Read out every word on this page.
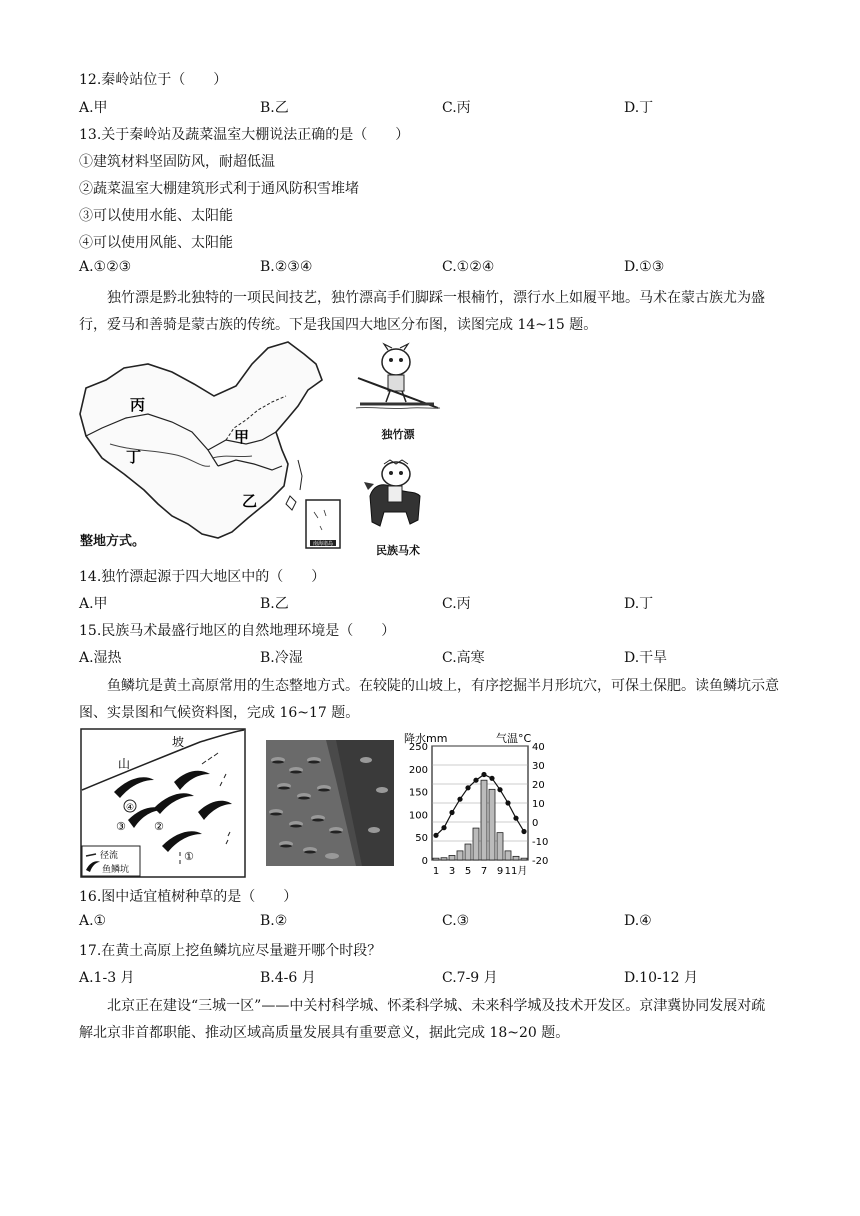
12.秦岭站位于（　　）
A.甲	B.乙	C.丙	D.丁
13.关于秦岭站及蔬菜温室大棚说法正确的是（　　）
①建筑材料坚固防风，耐超低温
②蔬菜温室大棚建筑形式利于通风防积雪堆堵
③可以使用水能、太阳能
④可以使用风能、太阳能
A.①②③	B.②③④	C.①②④	D.①③
独竹漂是黔北独特的一项民间技艺，独竹漂高手们脚踩一根楠竹，漂行水上如履平地。马术在蒙古族尤为盛行，爱马和善骑是蒙古族的传统。下是我国四大地区分布图，读图完成 14~15 题。
丙
丁
甲
乙
南海诸岛
整地方式。
独竹漂
民族马术
14.独竹漂起源于四大地区中的（　　）
A.甲	B.乙	C.丙	D.丁
15.民族马术最盛行地区的自然地理环境是（　　）
A.湿热	B.冷湿	C.高寒	D.干旱
鱼鳞坑是黄土高原常用的生态整地方式。在较陡的山坡上，有序挖掘半月形坑穴，可保土保肥。读鱼鳞坑示意图、实景图和气候资料图，完成 16~17 题。
④
②
③
①
山
坡
径流
鱼鳞坑
降水mm	气温°C
-20
-10
0
10
20
30
40
0
50
100
150
200
250
1 3 5 7 9 11月
16.图中适宜植树种草的是（　　）
A.①	B.②	C.③	D.④
17.在黄土高原上挖鱼鳞坑应尽量避开哪个时段？
A.1-3 月	B.4-6 月	C.7-9 月	D.10-12 月
北京正在建设“三城一区”——中关村科学城、怀柔科学城、未来科学城及技术开发区。京津冀协同发展对疏解北京非首都职能、推动区域高质量发展具有重要意义，据此完成 18~20 题。
